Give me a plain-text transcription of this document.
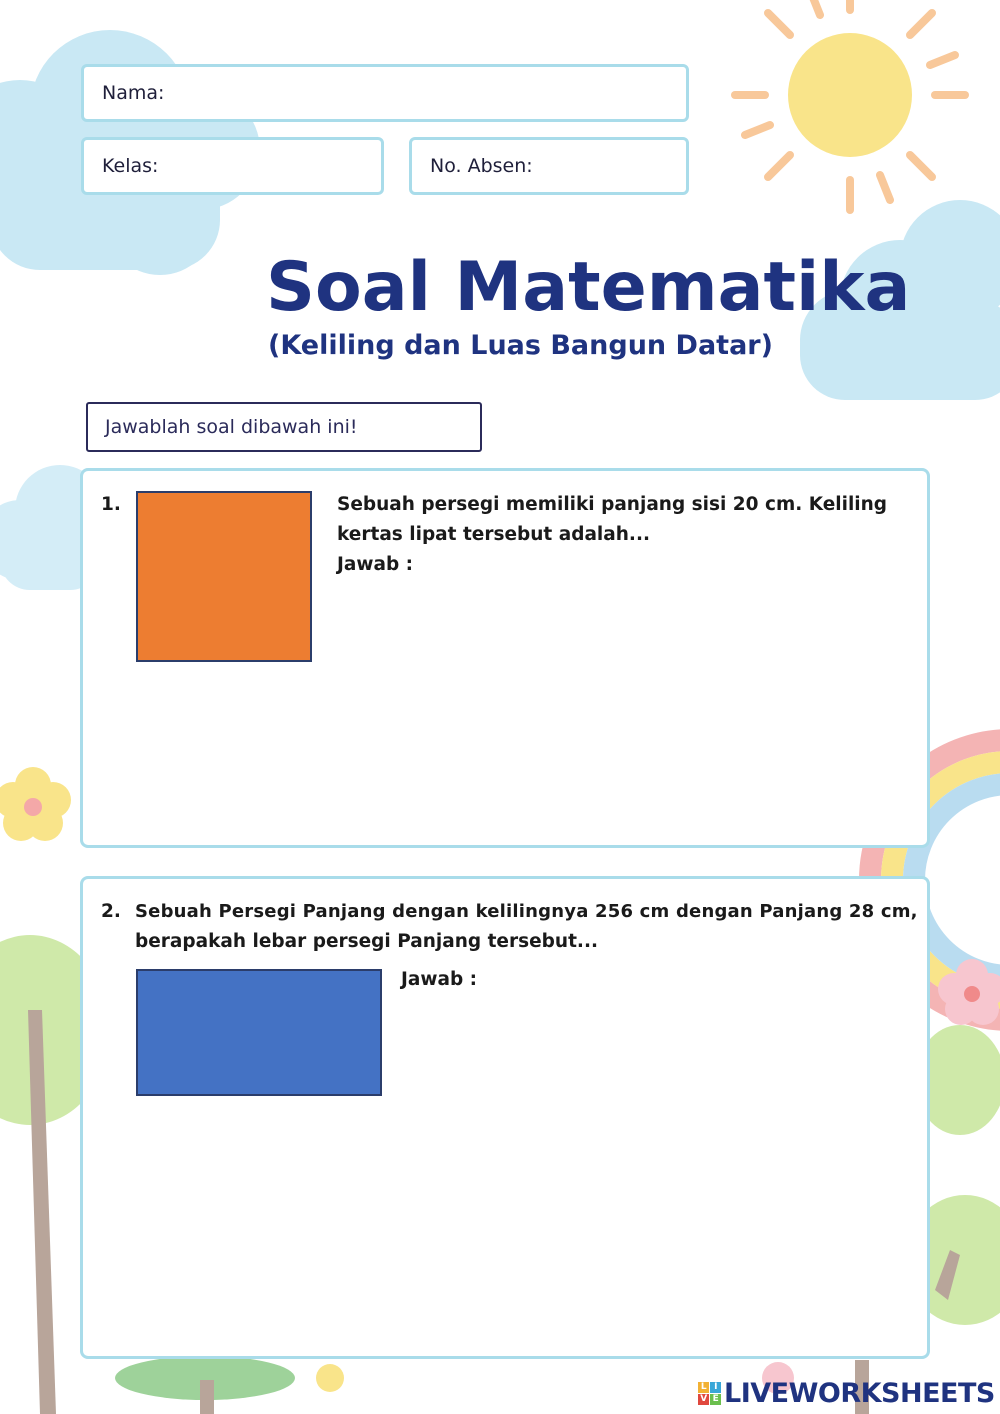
Nama:
Kelas:	No. Absen:
Soal Matematika
(Keliling dan Luas Bangun Datar)
Jawablah soal dibawah ini!
1.	Sebuah persegi memiliki panjang sisi 20 cm. Keliling
kertas lipat tersebut adalah...
Jawab :
2. Sebuah Persegi Panjang dengan kelilingnya 256 cm dengan Panjang 28 cm,
berapakah lebar persegi Panjang tersebut...
Jawab :
L I
V E LIVEWORKSHEETS
